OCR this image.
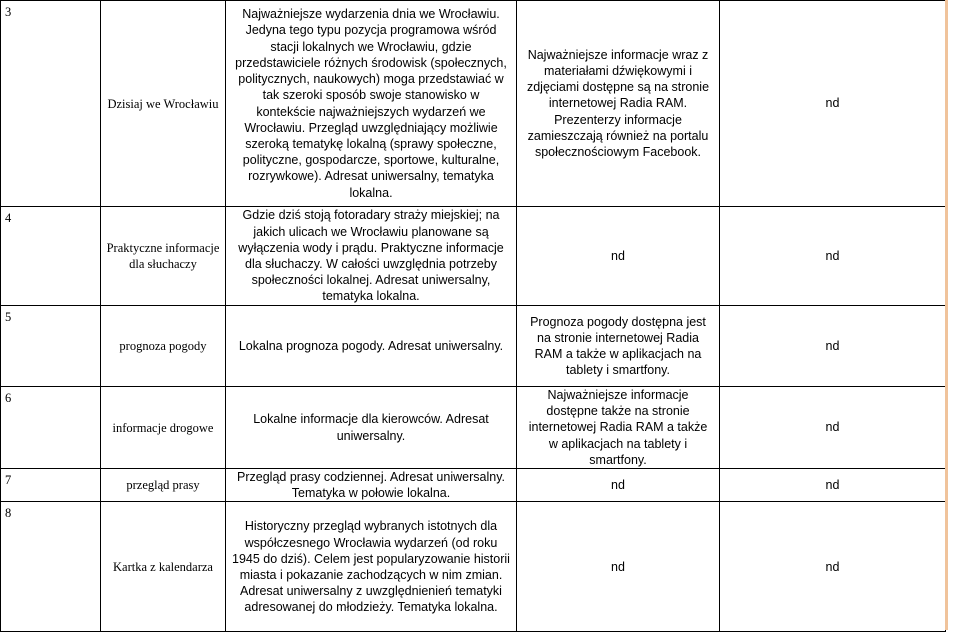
3	Dzisiaj we Wrocławiu	Najważniejsze wydarzenia dnia we Wrocławiu. Jedyna tego typu pozycja programowa wśród stacji lokalnych we Wrocławiu, gdzie przedstawiciele różnych środowisk (społecznych, politycznych, naukowych) moga przedstawiać w tak szeroki sposób swoje stanowisko w kontekście najważniejszych wydarzeń we Wrocławiu. Przegląd uwzględniający możliwie szeroką tematykę lokalną (sprawy społeczne, polityczne, gospodarcze, sportowe, kulturalne, rozrywkowe). Adresat uniwersalny, tematyka lokalna.	Najważniejsze informacje wraz z materiałami dźwiękowymi i zdjęciami dostępne są na stronie internetowej Radia RAM. Prezenterzy informacje zamieszczają również na portalu społecznościowym Facebook.	nd
4	Praktyczne informacje dla słuchaczy	Gdzie dziś stoją fotoradary straży miejskiej; na jakich ulicach we Wrocławiu planowane są wyłączenia wody i prądu. Praktyczne informacje dla słuchaczy. W całości uwzględnia potrzeby społeczności lokalnej. Adresat uniwersalny, tematyka lokalna.	nd	nd
5	prognoza pogody	Lokalna prognoza pogody. Adresat uniwersalny.	Prognoza pogody dostępna jest na stronie internetowej Radia RAM a także w aplikacjach na tablety i smartfony.	nd
6	informacje drogowe	Lokalne informacje dla kierowców. Adresat uniwersalny.	Najważniejsze informacje dostępne także na stronie internetowej Radia RAM a także w aplikacjach na tablety i smartfony.	nd
7	przegląd prasy	Przegląd prasy codziennej. Adresat uniwersalny. Tematyka w połowie lokalna.	nd	nd
8	Kartka z kalendarza	Historyczny przegląd wybranych istotnych dla współczesnego Wrocławia wydarzeń (od roku 1945 do dziś). Celem jest popularyzowanie historii miasta i pokazanie zachodzących w nim zmian. Adresat uniwersalny z uwzględnienień tematyki adresowanej do młodzieży. Tematyka lokalna.	nd	nd
